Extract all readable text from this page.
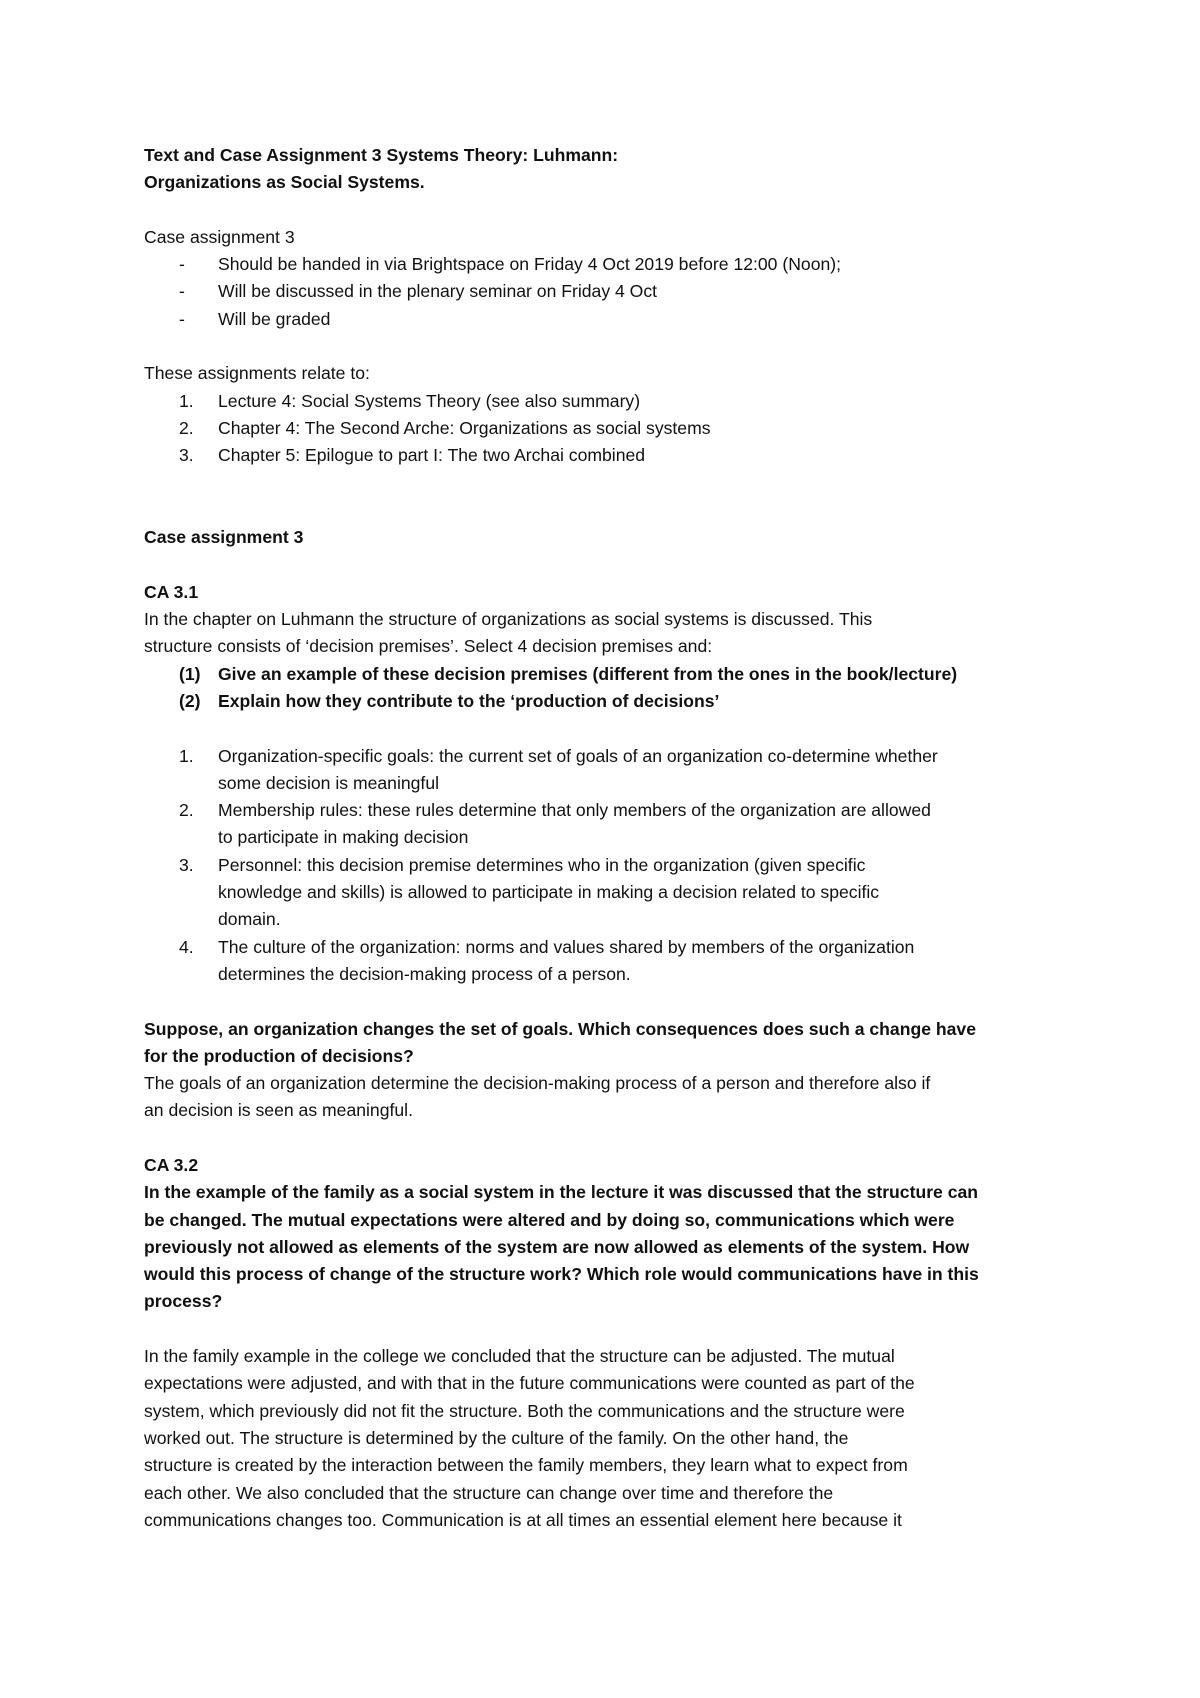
Text and Case Assignment 3 Systems Theory: Luhmann:

Organizations as Social Systems.

Case assignment 3

- Should be handed in via Brightspace on Friday 4 Oct 2019 before 12:00 (Noon);

- Will be discussed in the plenary seminar on Friday 4 Oct

- Will be graded

These assignments relate to:

1. Lecture 4: Social Systems Theory (see also summary)

2. Chapter 4: The Second Arche: Organizations as social systems

3. Chapter 5: Epilogue to part I: The two Archai combined

Case assignment 3

CA 3.1

In the chapter on Luhmann the structure of organizations as social systems is discussed. This

structure consists of ‘decision premises’. Select 4 decision premises and:

(1) Give an example of these decision premises (different from the ones in the book/lecture)

(2) Explain how they contribute to the ‘production of decisions’

1. Organization-specific goals: the current set of goals of an organization co-determine whether

some decision is meaningful

2. Membership rules: these rules determine that only members of the organization are allowed

to participate in making decision

3. Personnel: this decision premise determines who in the organization (given specific

knowledge and skills) is allowed to participate in making a decision related to specific

domain.

4. The culture of the organization: norms and values shared by members of the organization

determines the decision-making process of a person.

Suppose, an organization changes the set of goals. Which consequences does such a change have

for the production of decisions?

The goals of an organization determine the decision-making process of a person and therefore also if

an decision is seen as meaningful.

CA 3.2

In the example of the family as a social system in the lecture it was discussed that the structure can

be changed. The mutual expectations were altered and by doing so, communications which were

previously not allowed as elements of the system are now allowed as elements of the system. How

would this process of change of the structure work? Which role would communications have in this

process?

In the family example in the college we concluded that the structure can be adjusted. The mutual

expectations were adjusted, and with that in the future communications were counted as part of the

system, which previously did not fit the structure. Both the communications and the structure were

worked out. The structure is determined by the culture of the family. On the other hand, the

structure is created by the interaction between the family members, they learn what to expect from

each other. We also concluded that the structure can change over time and therefore the

communications changes too. Communication is at all times an essential element here because it
